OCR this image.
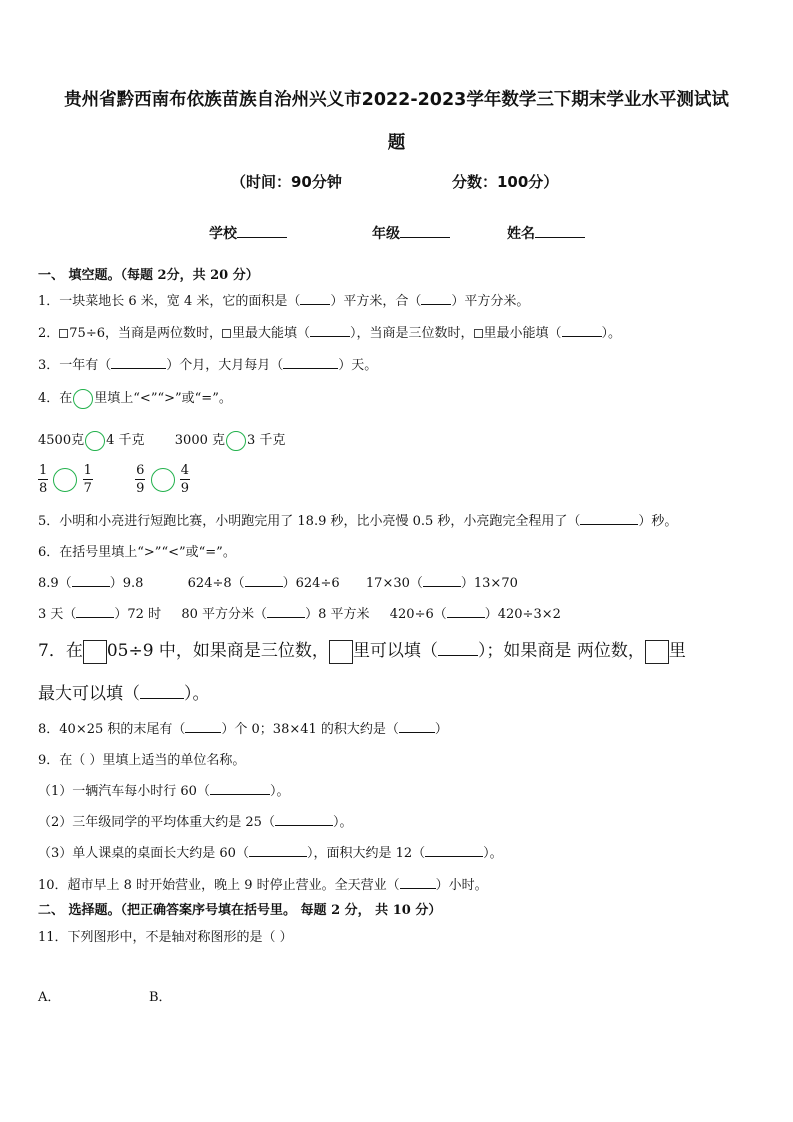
贵州省黔西南布依族苗族自治州兴义市2022-2023学年数学三下期末学业水平测试试
题
（时间：90分钟	分数：100分）
学校	年级	姓名
一、 填空题。（每题 2分，共 20 分）
1．一块菜地长 6 米，宽 4 米，它的面积是（ ）平方米，合（ ）平方分米。
2． 75÷6，当商是两位数时， 里最大能填（	），当商是三位数时， 里最小能填（	）。
3．一年有（	）个月，大月每月（	）天。
4．在 里填上“<”“>”或“=”。
4500克 4 千克 3000 克 3 千克
$\frac{1}{8}$
	$\frac{1}{7}$
	$\frac{6}{9}$
	$\frac{4}{9}$
5．小明和小亮进行短跑比赛，小明跑完用了 18.9 秒，比小亮慢 0.5 秒，小亮跑完全程用了（	）秒。
6．在括号里填上“>”“<”或“=”。
8.9（	）9.8	624÷8（	）624÷6 17×30（	）13×70
3 天（	）72 时 80 平方分米（	）8 平方米 420÷6（	）420÷3×2
7．在 05÷9 中，如果商是三位数， 里可以填（ ）；如果商是 两位数， 里
最大可以填（	）。
8．40×25 积的末尾有（	）个 0；38×41 的积大约是（	）
9．在（ ）里填上适当的单位名称。
（1）一辆汽车每小时行 60（	）。
（2）三年级同学的平均体重大约是 25（	）。
（3）单人课桌的桌面长大约是 60（	），面积大约是 12（	）。
10．超市早上 8 时开始营业，晚上 9 时停止营业。全天营业（	）小时。
二、 选择题。（把正确答案序号填在括号里。 每题 2 分， 共 10 分）
11．下列图形中，不是轴对称图形的是（ ）
A．	B．
